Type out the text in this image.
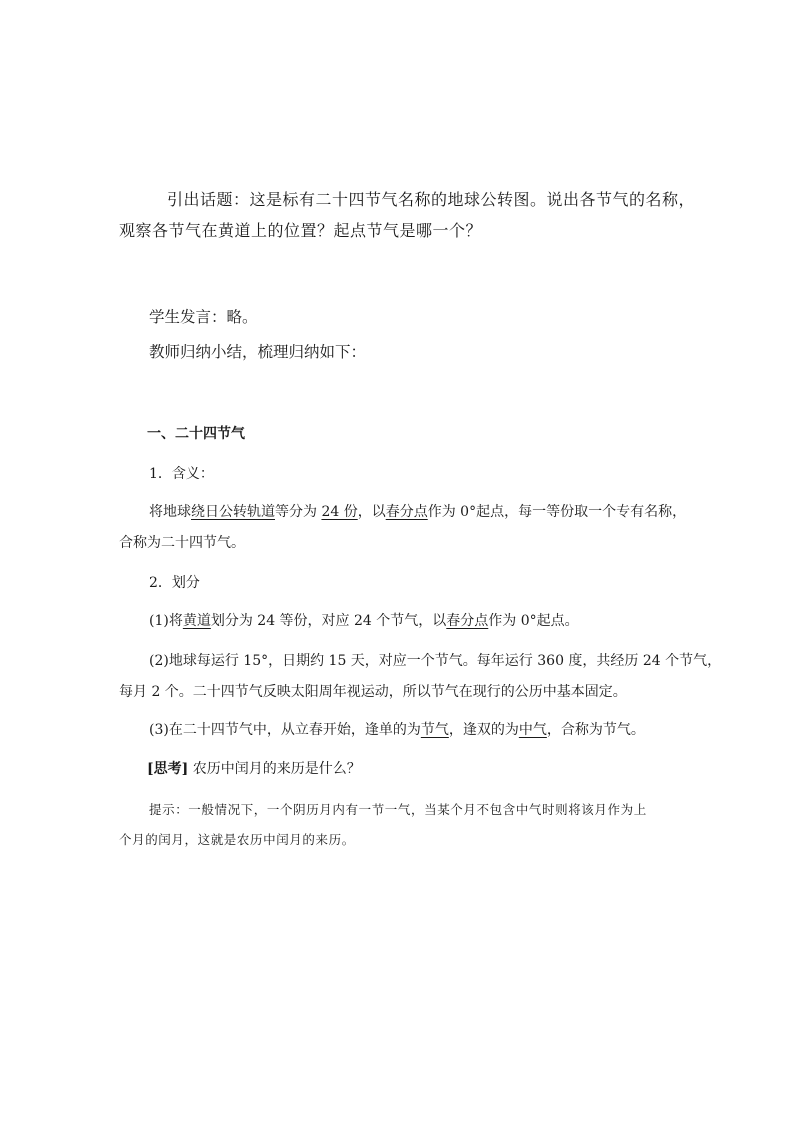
引出话题：这是标有二十四节气名称的地球公转图。说出各节气的名称，

观察各节气在黄道上的位置？起点节气是哪一个？

学生发言：略。

教师归纳小结，梳理归纳如下：

一、二十四节气

1．含义：

将地球绕日公转轨道等分为 24 份，以春分点作为 0°起点，每一等份取一个专有名称，

合称为二十四节气。

2．划分

(1)将黄道划分为 24 等份，对应 24 个节气，以春分点作为 0°起点。

(2)地球每运行 15°，日期约 15 天，对应一个节气。每年运行 360 度，共经历 24 个节气，

每月 2 个。二十四节气反映太阳周年视运动，所以节气在现行的公历中基本固定。

(3)在二十四节气中，从立春开始，逢单的为节气，逢双的为中气，合称为节气。

[思考] 农历中闰月的来历是什么？

提示：一般情况下，一个阴历月内有一节一气，当某个月不包含中气时则将该月作为上

个月的闰月，这就是农历中闰月的来历。
